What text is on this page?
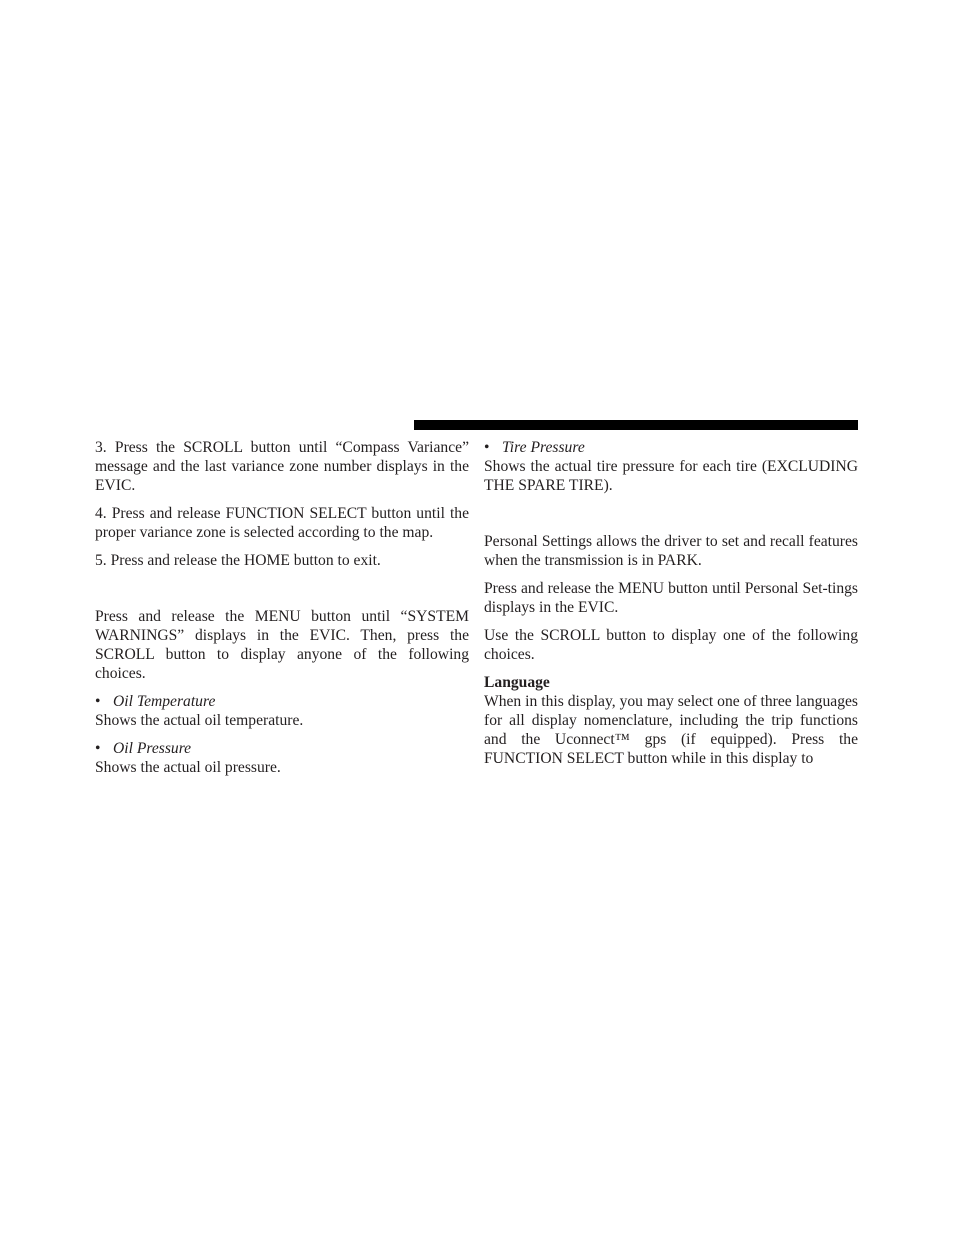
3. Press the SCROLL button until “Compass Variance” message and the last variance zone number displays in the EVIC.

4. Press and release FUNCTION SELECT button until the proper variance zone is selected according to the map.

5. Press and release the HOME button to exit.

Press and release the MENU button until “SYSTEM WARNINGS” displays in the EVIC. Then, press the SCROLL button to display anyone of the following choices.

• Oil Temperature

Shows the actual oil temperature.

• Oil Pressure

Shows the actual oil pressure.

• Tire Pressure

Shows the actual tire pressure for each tire (EXCLUDING THE SPARE TIRE).

Personal Settings allows the driver to set and recall features when the transmission is in PARK.

Press and release the MENU button until Personal Set-tings displays in the EVIC.

Use the SCROLL button to display one of the following choices.

Language

When in this display, you may select one of three languages for all display nomenclature, including the trip functions and the Uconnect™ gps (if equipped). Press the FUNCTION SELECT button while in this display to
